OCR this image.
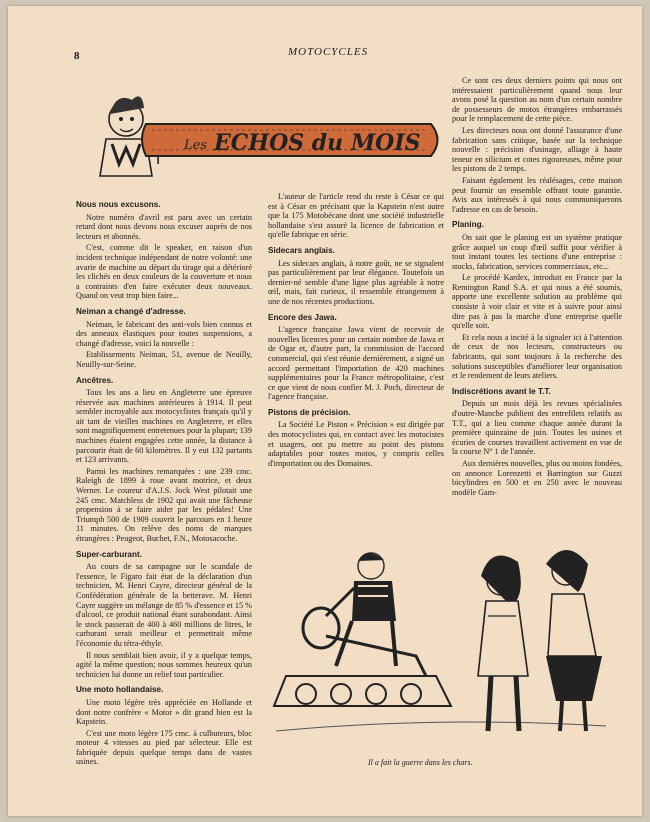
8	MOTOCYCLES
Les ECHOS du MOIS
Nous nous excusons.

Notre numéro d'avril est paru avec un certain retard dont nous devons nous excuser auprès de nos lecteurs et abonnés.

C'est, comme dit le speaker, en raison d'un incident technique indépendant de notre volonté: une avarie de machine au départ du tirage qui a détérioré les clichés en deux couleurs de la couverture et nous a contraints d'en faire exécuter deux nouveaux. Quand on veut trop bien faire...

Neiman a changé d'adresse.

Neiman, le fabricant des anti-vols bien connus et des anneaux élastiques pour toutes suspensions, a changé d'adresse, voici la nouvelle :

Etablissements Neiman, 51, avenue de Neuilly, Neuilly-sur-Seine.

Ancêtres.

Tous les ans a lieu en Angleterre une épreuve réservée aux machines antérieures à 1914. Il peut sembler incroyable aux motocyclistes français qu'il y ait tant de vieilles machines en Angleterre, et elles sont magnifiquement entretenues pour la plupart; 139 machines étaient engagées cette année, la distance à parcourir était de 60 kilomètres. Il y eut 132 partants et 123 arrivants.

Parmi les machines remarquées : une 239 cmc. Raleigh de 1899 à roue avant motrice, et deux Werner. Le coureur d'A.J.S. Jock West pilotait une 245 cmc. Matchless de 1902 qui avait une fâcheuse propension à se faire aider par les pédales! Une Triumph 500 de 1909 couvrit le parcours en 1 heure 11 minutes. On relève des noms de marques étrangères : Peugeot, Buchet, F.N., Motosacoche.

Super-carburant.

Au cours de sa campagne sur le scandale de l'essence, le Figaro fait état de la déclaration d'un technicien, M. Henri Cayre, directeur général de la Confédération générale de la betterave. M. Henri Cayre suggère un mélange de 85 % d'essence et 15 % d'alcool, ce produit national étant surabondant. Ainsi le stock passerait de 400 à 460 millions de litres, le carburant serait meilleur et permettrait même l'économie du tétra-éthyle.

Il nous semblait bien avoir, il y a quelque temps, agité la même question; nous sommes heureux qu'un technicien lui donne un relief tout particulier.

Une moto hollandaise.

Une moto légère très appréciée en Hollande et dont notre confrère « Motor » dit grand bien est la Kapstein.

C'est une moto légère 175 cmc. à culbuteurs, bloc moteur 4 vitesses au pied par sélecteur. Elle est fabriquée depuis quelque temps dans de vastes usines.

L'auteur de l'article rend du reste à César ce qui est à César en précisant que la Kapstein n'est autre que la 175 Motobécane dont une société industrielle hollandaise s'est assuré la licence de fabrication et qu'elle fabrique en série.

Sidecars anglais.

Les sidecars anglais, à notre goût, ne se signalent pas particulièrement par leur élégance. Toutefois un dernier-né semble d'une ligne plus agréable à notre œil, mais, fait curieux, il ressemble étrangement à une de nos récentes productions.

Encore des Jawa.

L'agence française Jawa vient de recevoir de nouvelles licences pour un certain nombre de Jawa et de Ogar et, d'autre part, la commission de l'accord commercial, qui s'est réunie dernièrement, a signé un accord permettant l'importation de 420 machines supplémentaires pour la France métropolitaine, c'est ce que vient de nous confier M. J. Poch, directeur de l'agence française.

Pistons de précision.

La Société Le Piston « Précision » est dirigée par des motocyclistes qui, en contact avec les motocistes et usagers, ont pu mettre au point des pistons adaptables pour toutes motos, y compris celles d'importation ou des Domaines.

Ce sont ces deux derniers points qui nous ont intéressaient particulièrement quand nous leur avons posé la question au nom d'un certain nombre de possesseurs de motos étrangères embarrassés pour le remplacement de cette pièce.

Les directeurs nous ont donné l'assurance d'une fabrication sans critique, basée sur la technique nouvelle : précision d'usinage, alliage à haute teneur en silicium et cotes rigoureuses, même pour les pistons de 2 temps.

Faisant également les réalésages, cette maison peut fournir un ensemble offrant toute garantie. Avis aux intéressés à qui nous communiquerons l'adresse en cas de besoin.

Planing.

On sait que le planing est un système pratique grâce auquel un coup d'œil suffit pour vérifier à tout instant toutes les sections d'une entreprise : stocks, fabrication, services commerciaux, etc...

Le procédé Kardex, introduit en France par la Remington Rand S.A. et qui nous a été soumis, apporte une excellente solution au problème qui consiste à voir clair et vite et à suivre pour ainsi dire pas à pas la marche d'une entreprise quelle qu'elle soit.

Et cela nous a incité à la signaler ici à l'attention de ceux de nos lecteurs, constructeurs ou fabricants, qui sont toujours à la recherche des solutions susceptibles d'améliorer leur organisation et le rendement de leurs ateliers.

Indiscrétions avant le T.T.

Depuis un mois déjà les revues spécialisées d'outre-Manche publient des entrefilets relatifs au T.T., qui a lieu comme chaque année durant la première quinzaine de juin. Toutes les usines et écuries de courses travaillent activement en vue de la course N° 1 de l'année.

Aux dernières nouvelles, plus ou moins fondées, on annonce Lorenzetti et Barrington sur Guzzi bicylindres en 500 et en 250 avec le nouveau modèle Gam-

Il a fait la guerre dans les chars.
